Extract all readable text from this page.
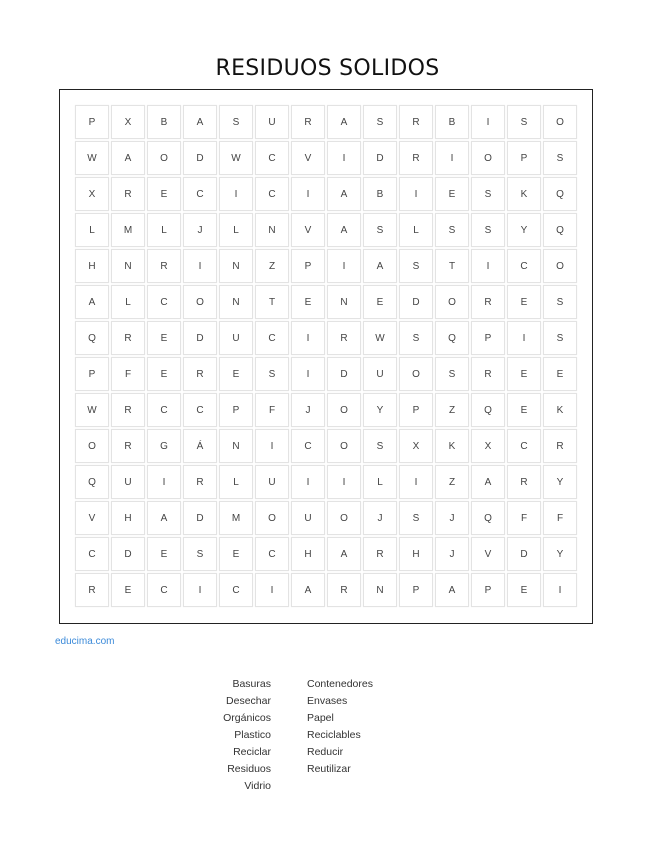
RESIDUOS SOLIDOS
P	X	B	A	S	U	R	A	S	R	B	I	S	O
W	A	O	D	W	C	V	I	D	R	I	O	P	S
X	R	E	C	I	C	I	A	B	I	E	S	K	Q
L	M	L	J	L	N	V	A	S	L	S	S	Y	Q
H	N	R	I	N	Z	P	I	A	S	T	I	C	O
A	L	C	O	N	T	E	N	E	D	O	R	E	S
Q	R	E	D	U	C	I	R	W	S	Q	P	I	S
P	F	E	R	E	S	I	D	U	O	S	R	E	E
W	R	C	C	P	F	J	O	Y	P	Z	Q	E	K
O	R	G	Á	N	I	C	O	S	X	K	X	C	R
Q	U	I	R	L	U	I	I	L	I	Z	A	R	Y
V	H	A	D	M	O	U	O	J	S	J	Q	F	F
C	D	E	S	E	C	H	A	R	H	J	V	D	Y
R	E	C	I	C	I	A	R	N	P	A	P	E	I
educima.com
Basuras
Desechar
Orgánicos
Plastico
Reciclar
Residuos
Vidrio
Contenedores
Envases
Papel
Reciclables
Reducir
Reutilizar
